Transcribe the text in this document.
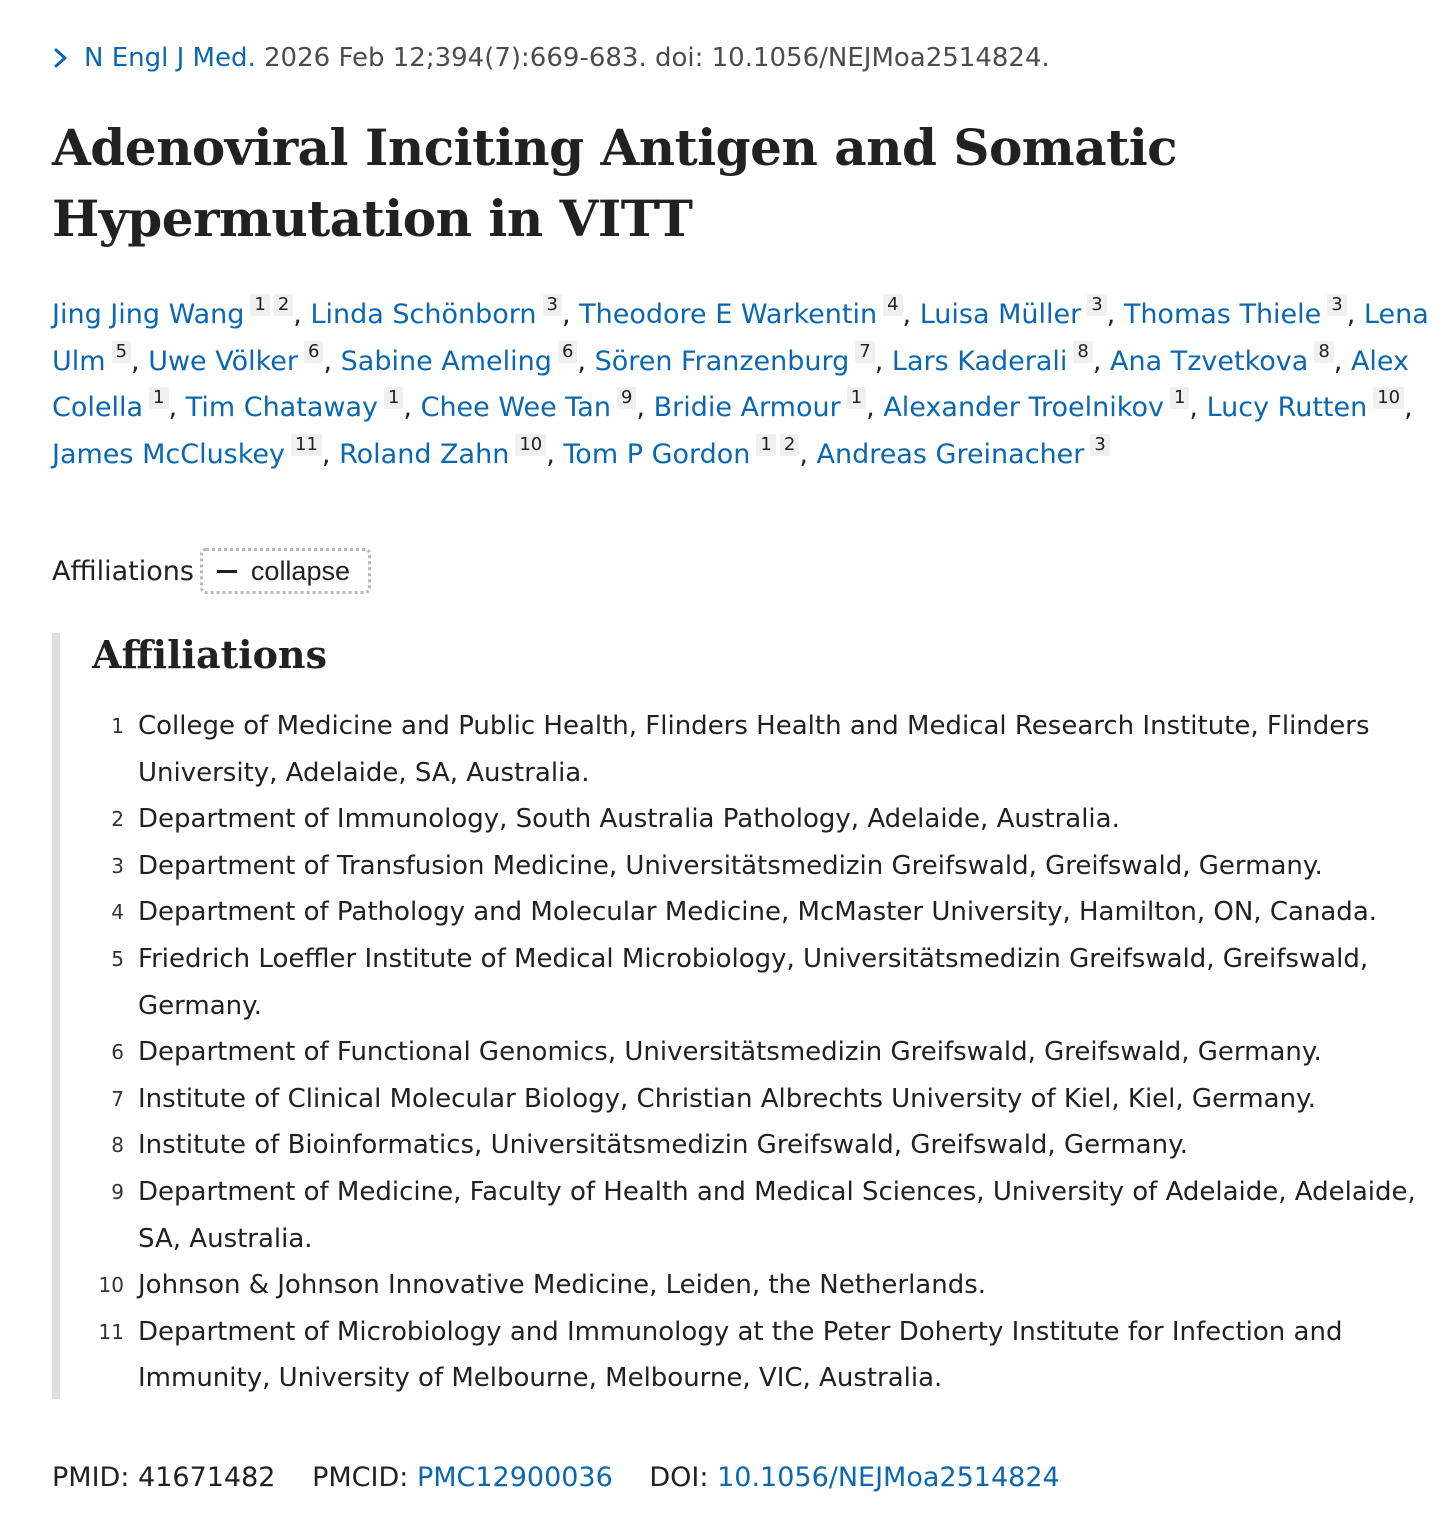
N Engl J Med.
2026 Feb 12;394(7):669-683. doi: 10.1056/NEJMoa2514824.
Adenoviral Inciting Antigen and Somatic Hypermutation in VITT
Jing Jing Wang 1 2 , Linda Schönborn 3 , Theodore E Warkentin 4 , Luisa Müller 3 , Thomas Thiele 3 , Lena Ulm 5 , Uwe Völker 6 , Sabine Ameling 6 , Sören Franzenburg 7 , Lars Kaderali 8 , Ana Tzvetkova 8 , Alex Colella 1 , Tim Chataway 1 , Chee Wee Tan 9 , Bridie Armour 1 , Alexander Troelnikov 1 , Lucy Rutten 10 , James McCluskey 11 , Roland Zahn 10 , Tom P Gordon 1 2 , Andreas Greinacher 3
Affiliations collapse
Affiliations
1 College of Medicine and Public Health, Flinders Health and Medical Research Institute, Flinders University, Adelaide, SA, Australia.
2 Department of Immunology, South Australia Pathology, Adelaide, Australia.
3 Department of Transfusion Medicine, Universitätsmedizin Greifswald, Greifswald, Germany.
4 Department of Pathology and Molecular Medicine, McMaster University, Hamilton, ON, Canada.
5 Friedrich Loeffler Institute of Medical Microbiology, Universitätsmedizin Greifswald, Greifswald, Germany.
6 Department of Functional Genomics, Universitätsmedizin Greifswald, Greifswald, Germany.
7 Institute of Clinical Molecular Biology, Christian Albrechts University of Kiel, Kiel, Germany.
8 Institute of Bioinformatics, Universitätsmedizin Greifswald, Greifswald, Germany.
9 Department of Medicine, Faculty of Health and Medical Sciences, University of Adelaide, Adelaide, SA, Australia.
10 Johnson & Johnson Innovative Medicine, Leiden, the Netherlands.
11 Department of Microbiology and Immunology at the Peter Doherty Institute for Infection and Immunity, University of Melbourne, Melbourne, VIC, Australia.
PMID: 41671482 PMCID: PMC12900036 DOI: 10.1056/NEJMoa2514824
